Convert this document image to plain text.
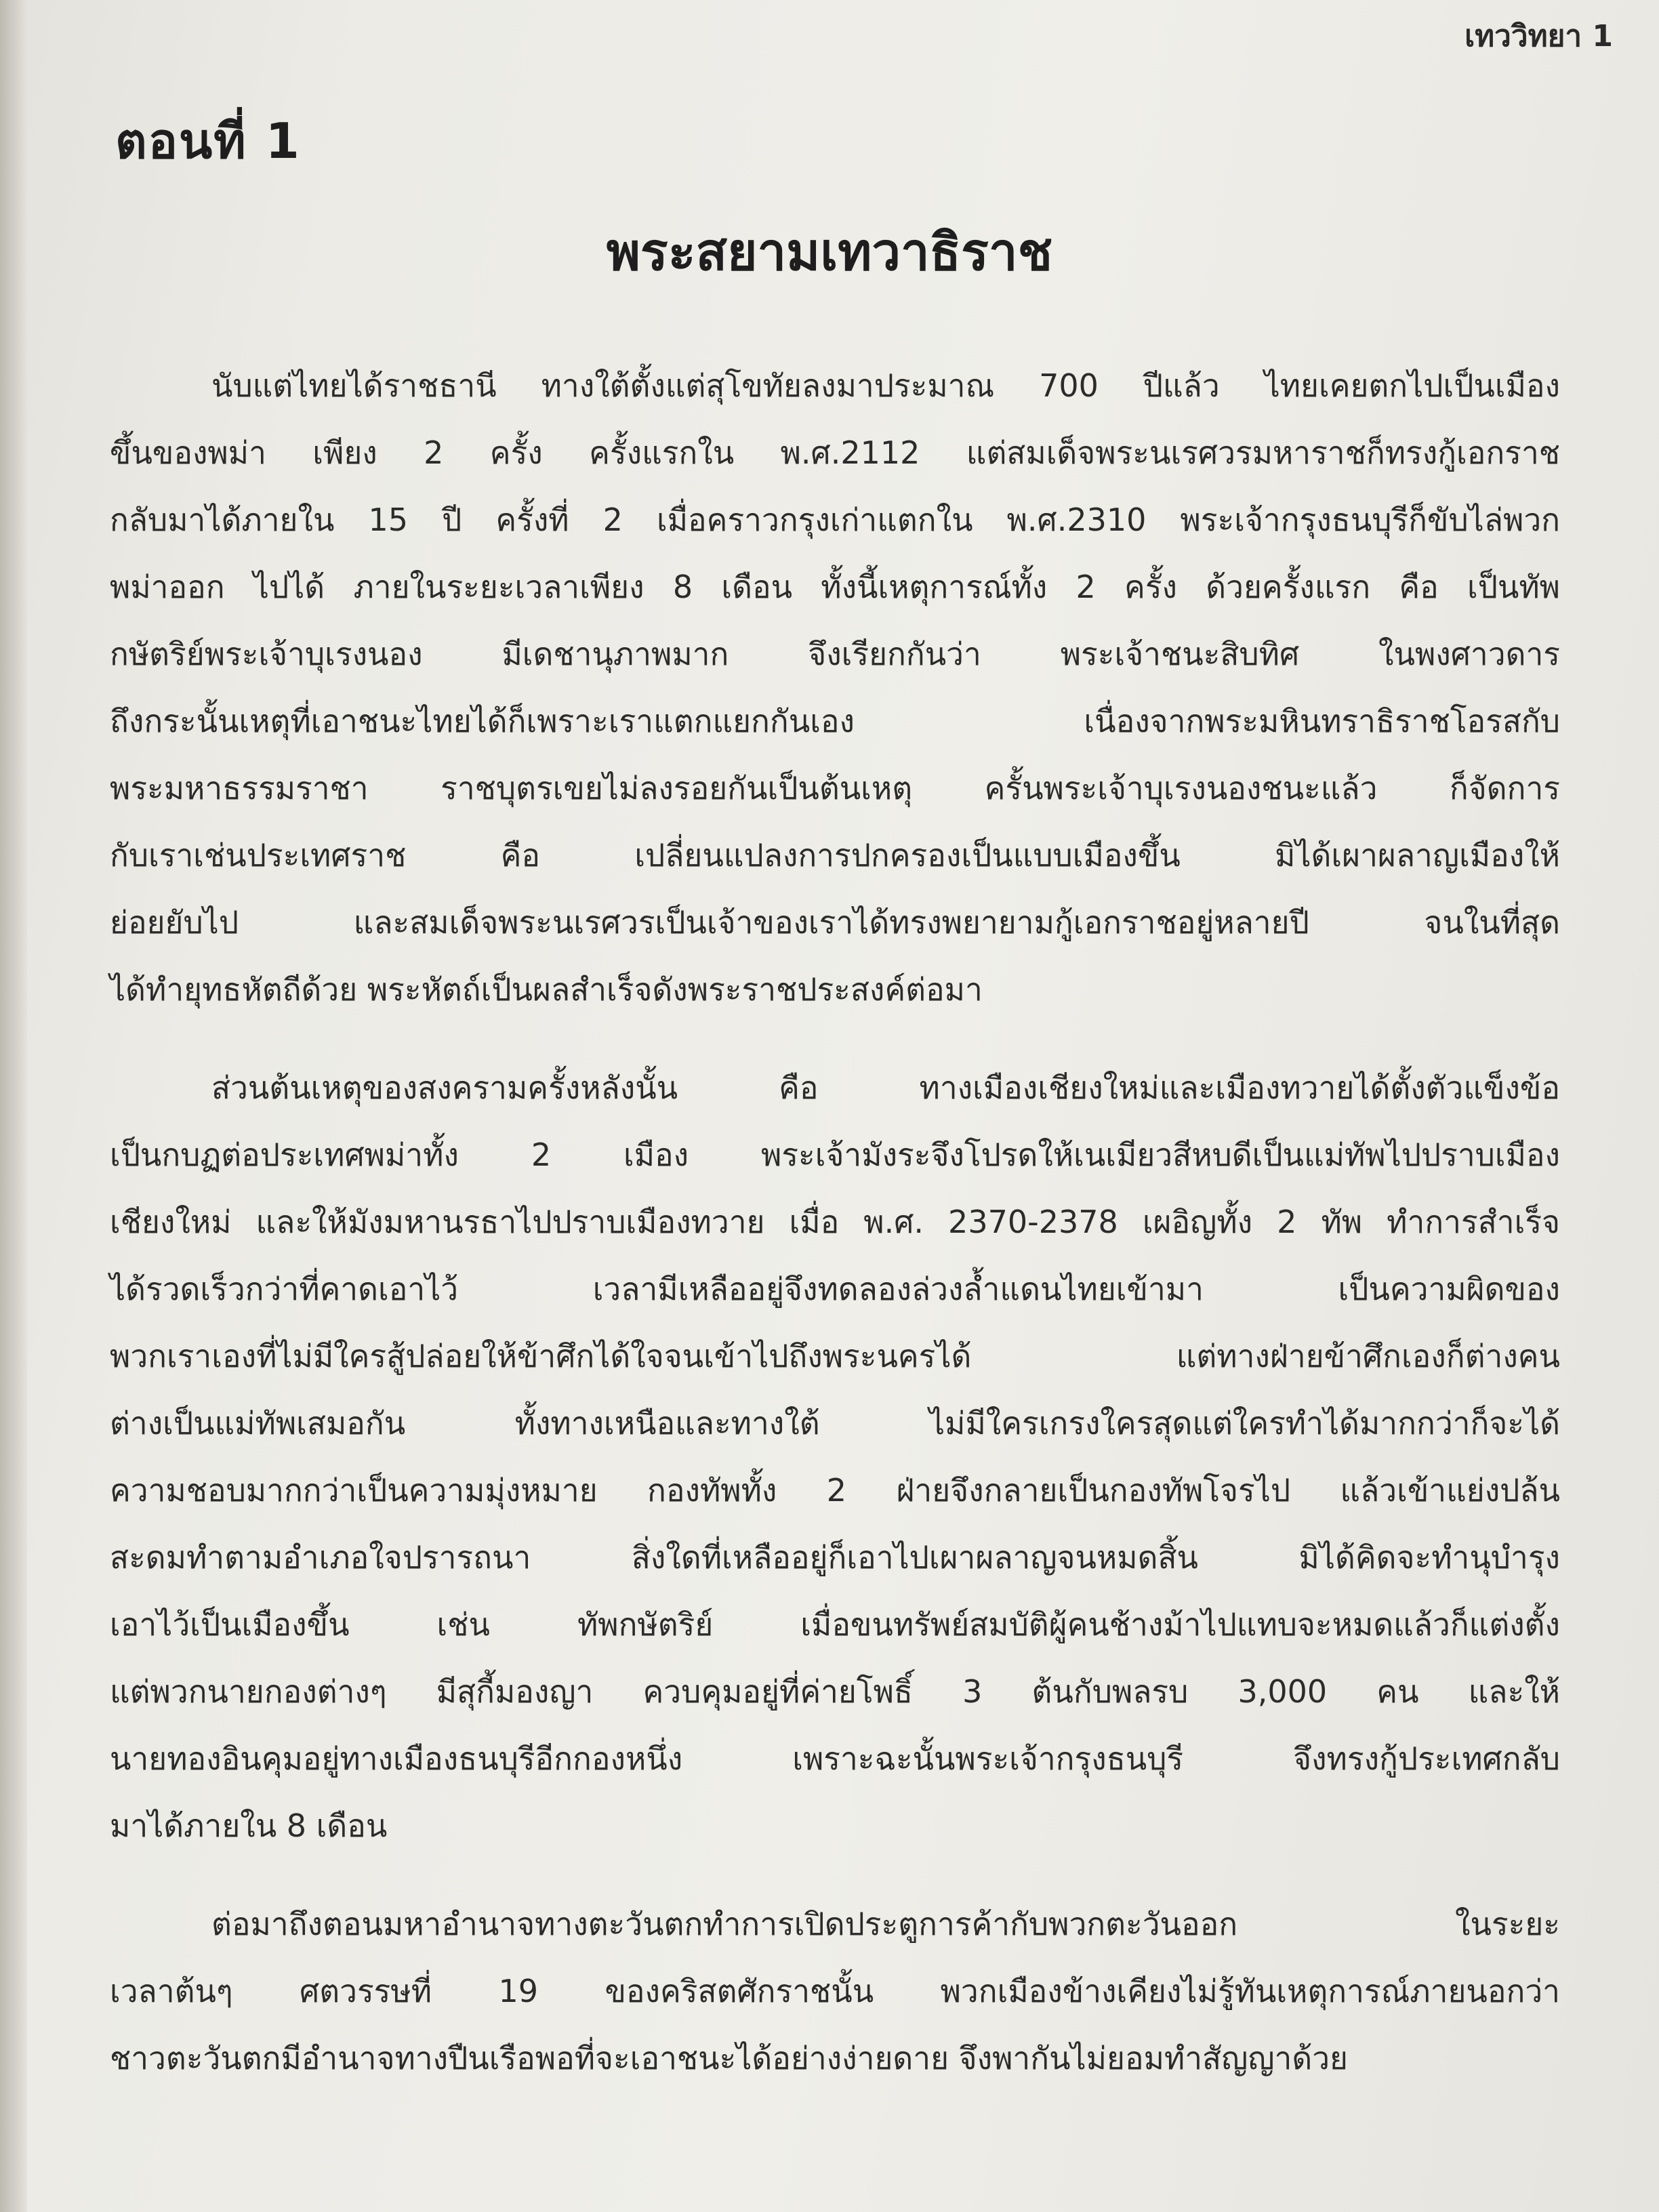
เทววิทยา 1

ตอนที่ 1
พระสยามเทวาธิราช
นับแต่ไทยได้ราชธานี ทางใต้ตั้งแต่สุโขทัยลงมาประมาณ 700 ปีแล้ว ไทยเคยตกไปเป็นเมือง
ขึ้นของพม่า เพียง 2 ครั้ง ครั้งแรกใน พ.ศ.2112 แต่สมเด็จพระนเรศวรมหาราชก็ทรงกู้เอกราช
กลับมาได้ภายใน 15 ปี ครั้งที่ 2 เมื่อคราวกรุงเก่าแตกใน พ.ศ.2310 พระเจ้ากรุงธนบุรีก็ขับไล่พวก
พม่าออก ไปได้ ภายในระยะเวลาเพียง 8 เดือน ทั้งนี้เหตุการณ์ทั้ง 2 ครั้ง ด้วยครั้งแรก คือ เป็นทัพ
กษัตริย์พระเจ้าบุเรงนอง มีเดชานุภาพมาก จึงเรียกกันว่า พระเจ้าชนะสิบทิศ ในพงศาวดาร
ถึงกระนั้นเหตุที่เอาชนะไทยได้ก็เพราะเราแตกแยกกันเอง เนื่องจากพระมหินทราธิราชโอรสกับ
พระมหาธรรมราชา ราชบุตรเขยไม่ลงรอยกันเป็นต้นเหตุ ครั้นพระเจ้าบุเรงนองชนะแล้ว ก็จัดการ
กับเราเช่นประเทศราช คือ เปลี่ยนแปลงการปกครองเป็นแบบเมืองขึ้น มิได้เผาผลาญเมืองให้
ย่อยยับไป และสมเด็จพระนเรศวรเป็นเจ้าของเราได้ทรงพยายามกู้เอกราชอยู่หลายปี จนในที่สุด
ได้ทำยุทธหัตถีด้วย พระหัตถ์เป็นผลสำเร็จดังพระราชประสงค์ต่อมา
ส่วนต้นเหตุของสงครามครั้งหลังนั้น คือ ทางเมืองเชียงใหม่และเมืองทวายได้ตั้งตัวแข็งข้อ
เป็นกบฏต่อประเทศพม่าทั้ง 2 เมือง พระเจ้ามังระจึงโปรดให้เนเมียวสีหบดีเป็นแม่ทัพไปปราบเมือง
เชียงใหม่ และให้มังมหานรธาไปปราบเมืองทวาย เมื่อ พ.ศ. 2370-2378 เผอิญทั้ง 2 ทัพ ทำการสำเร็จ
ได้รวดเร็วกว่าที่คาดเอาไว้ เวลามีเหลืออยู่จึงทดลองล่วงล้ำแดนไทยเข้ามา เป็นความผิดของ
พวกเราเองที่ไม่มีใครสู้ปล่อยให้ข้าศึกได้ใจจนเข้าไปถึงพระนครได้ แต่ทางฝ่ายข้าศึกเองก็ต่างคน
ต่างเป็นแม่ทัพเสมอกัน ทั้งทางเหนือและทางใต้ ไม่มีใครเกรงใครสุดแต่ใครทำได้มากกว่าก็จะได้
ความชอบมากกว่าเป็นความมุ่งหมาย กองทัพทั้ง 2 ฝ่ายจึงกลายเป็นกองทัพโจรไป แล้วเข้าแย่งปล้น
สะดมทำตามอำเภอใจปรารถนา สิ่งใดที่เหลืออยู่ก็เอาไปเผาผลาญจนหมดสิ้น มิได้คิดจะทำนุบำรุง
เอาไว้เป็นเมืองขึ้น เช่น ทัพกษัตริย์ เมื่อขนทรัพย์สมบัติผู้คนช้างม้าไปแทบจะหมดแล้วก็แต่งตั้ง
แต่พวกนายกองต่างๆ มีสุกี้มองญา ควบคุมอยู่ที่ค่ายโพธิ์ 3 ต้นกับพลรบ 3,000 คน และให้
นายทองอินคุมอยู่ทางเมืองธนบุรีอีกกองหนึ่ง เพราะฉะนั้นพระเจ้ากรุงธนบุรี จึงทรงกู้ประเทศกลับ
มาได้ภายใน 8 เดือน
ต่อมาถึงตอนมหาอำนาจทางตะวันตกทำการเปิดประตูการค้ากับพวกตะวันออก ในระยะ
เวลาต้นๆ ศตวรรษที่ 19 ของคริสตศักราชนั้น พวกเมืองข้างเคียงไม่รู้ทันเหตุการณ์ภายนอกว่า
ชาวตะวันตกมีอำนาจทางปืนเรือพอที่จะเอาชนะได้อย่างง่ายดาย จึงพากันไม่ยอมทำสัญญาด้วย
